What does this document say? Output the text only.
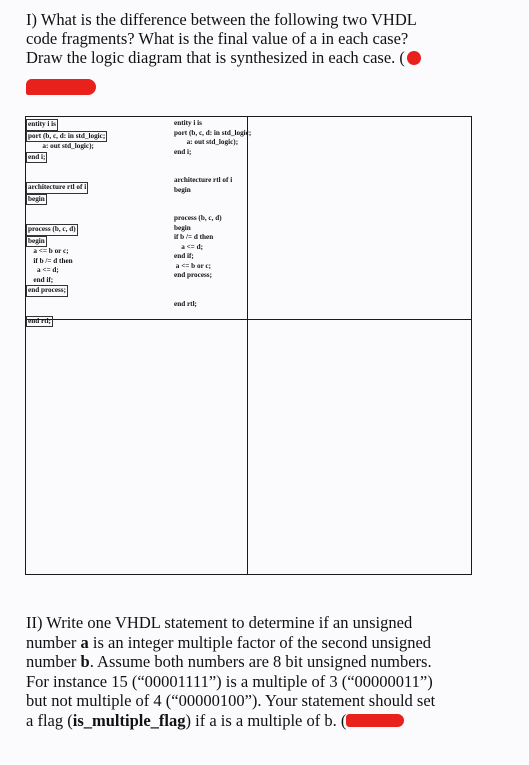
I) What is the difference between the following two VHDL
code fragments? What is the final value of a in each case?
Draw the logic diagram that is synthesized in each case. (
entity i is
port (b, c, d: in std_logic;
a: out std_logic);
end i;

architecture rtl of i
begin

process (b, c, d)
begin
a <= b or c;
if b /= d then
a <= d;
end if;
end process;

end rtl;
entity i is
port (b, c, d: in std_logic;
a: out std_logic);
end i;

architecture rtl of i
begin

process (b, c, d)
begin
if b /= d then
a <= d;
end if;
a <= b or c;
end process;

end rtl;
II) Write one VHDL statement to determine if an unsigned
number a is an integer multiple factor of the second unsigned
number b. Assume both numbers are 8 bit unsigned numbers.
For instance 15 (“00001111”) is a multiple of 3 (“00000011”)
but not multiple of 4 (“00000100”). Your statement should set
a flag (is_multiple_flag) if a is a multiple of b. (
